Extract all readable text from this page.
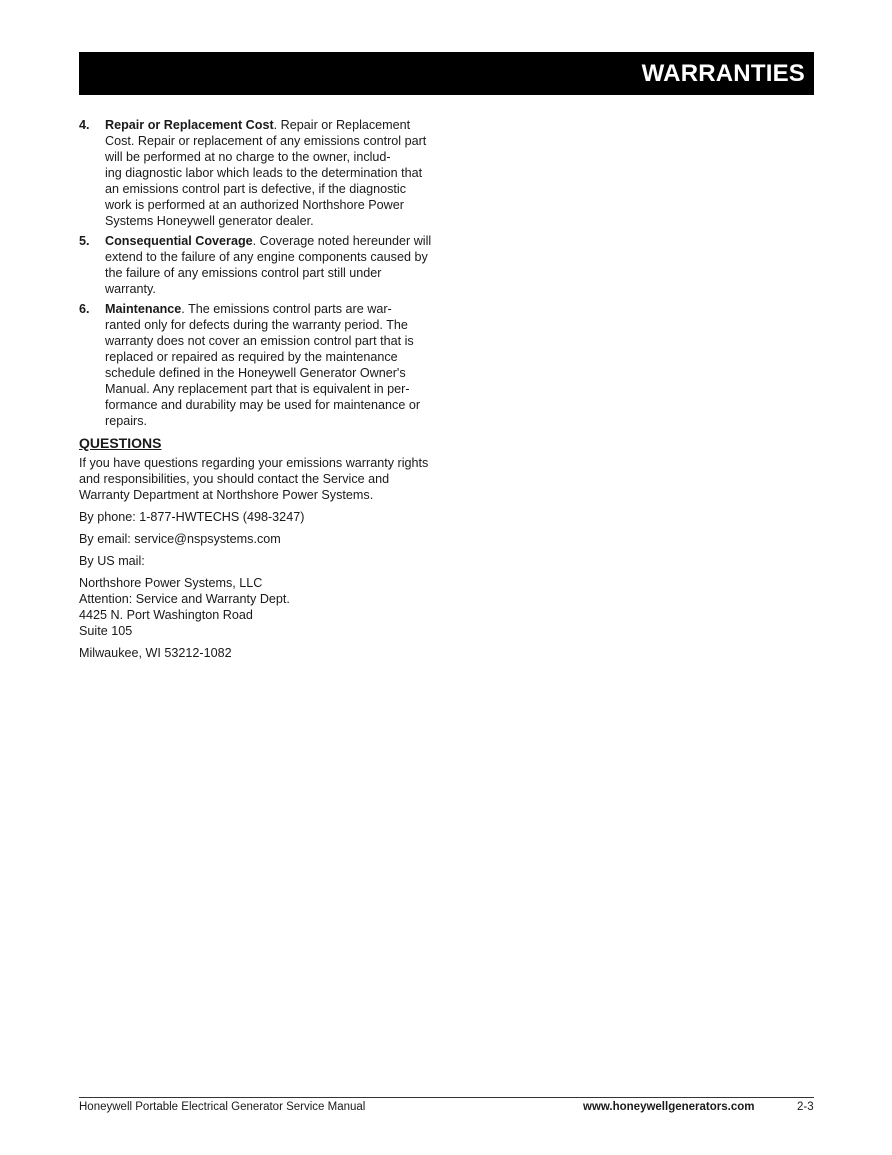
WARRANTIES
4. Repair or Replacement Cost. Repair or Replacement Cost. Repair or replacement of any emissions control part will be performed at no charge to the owner, includ-
ing diagnostic labor which leads to the determination that an emissions control part is defective, if the diagnostic work is performed at an authorized Northshore Power Systems Honeywell generator dealer.
5. Consequential Coverage. Coverage noted hereunder will extend to the failure of any engine components caused by the failure of any emissions control part still under warranty.
6. Maintenance. The emissions control parts are war-
ranted only for defects during the warranty period. The warranty does not cover an emission control part that is replaced or repaired as required by the maintenance schedule defined in the Honeywell Generator Owner's Manual. Any replacement part that is equivalent in per-
formance and durability may be used for maintenance or repairs.
QUESTIONS
If you have questions regarding your emissions warranty rights and responsibilities, you should contact the Service and Warranty Department at Northshore Power Systems.
By phone: 1-877-HWTECHS (498-3247)
By email: service@nspsystems.com
By US mail:
Northshore Power Systems, LLC
Attention: Service and Warranty Dept.
4425 N. Port Washington Road
Suite 105
Milwaukee, WI 53212-1082
Honeywell Portable Electrical Generator Service Manual	www.honeywellgenerators.com	2-3
